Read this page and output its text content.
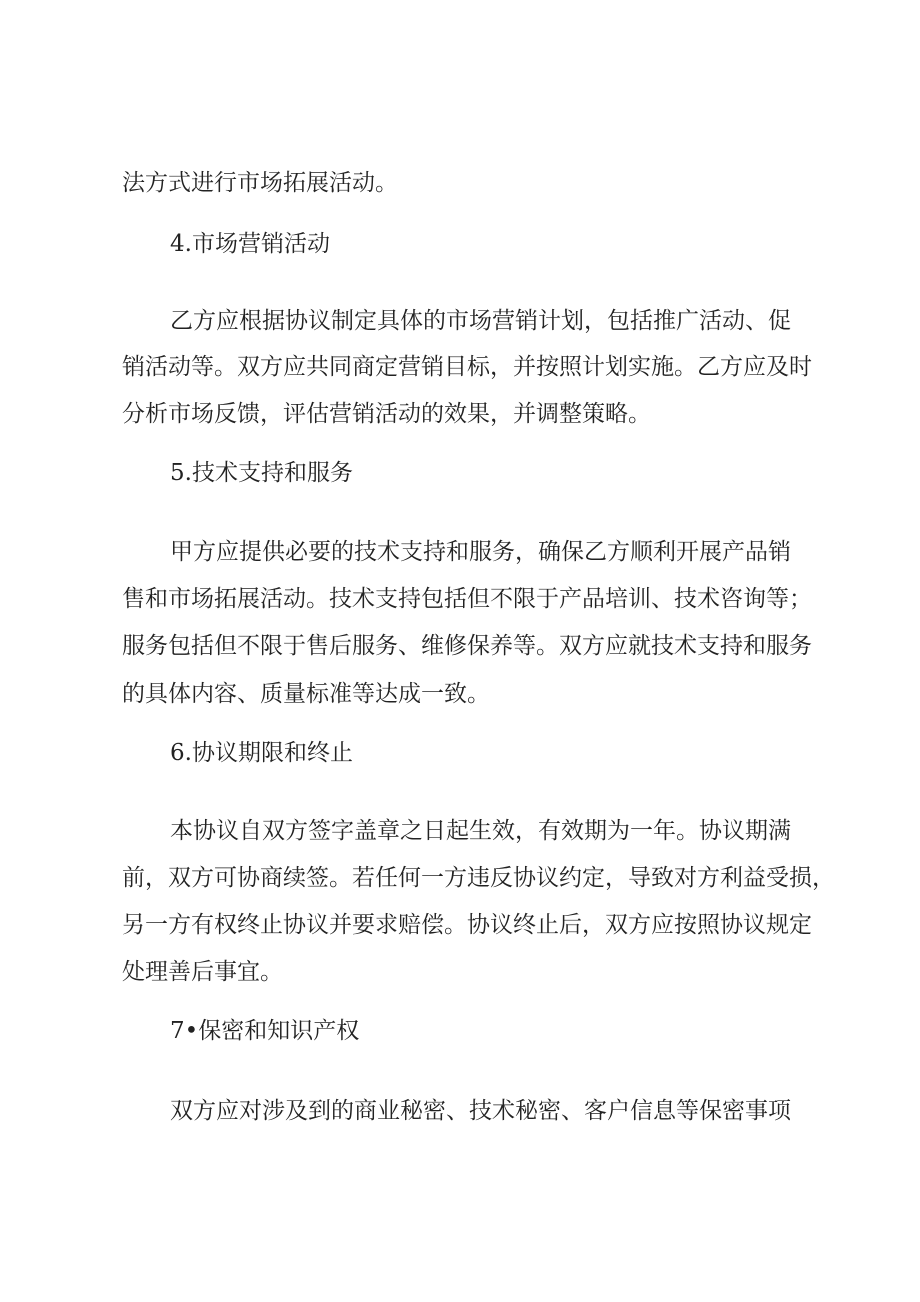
法方式进行市场拓展活动。

4.市场营销活动

乙方应根据协议制定具体的市场营销计划，包括推广活动、促

销活动等。双方应共同商定营销目标，并按照计划实施。乙方应及时

分析市场反馈，评估营销活动的效果，并调整策略。

5.技术支持和服务

甲方应提供必要的技术支持和服务，确保乙方顺利开展产品销

售和市场拓展活动。技术支持包括但不限于产品培训、技术咨询等；

服务包括但不限于售后服务、维修保养等。双方应就技术支持和服务

的具体内容、质量标准等达成一致。

6.协议期限和终止

本协议自双方签字盖章之日起生效，有效期为一年。协议期满

前，双方可协商续签。若任何一方违反协议约定，导致对方利益受损，

另一方有权终止协议并要求赔偿。协议终止后，双方应按照协议规定

处理善后事宜。

7•保密和知识产权

双方应对涉及到的商业秘密、技术秘密、客户信息等保密事项
